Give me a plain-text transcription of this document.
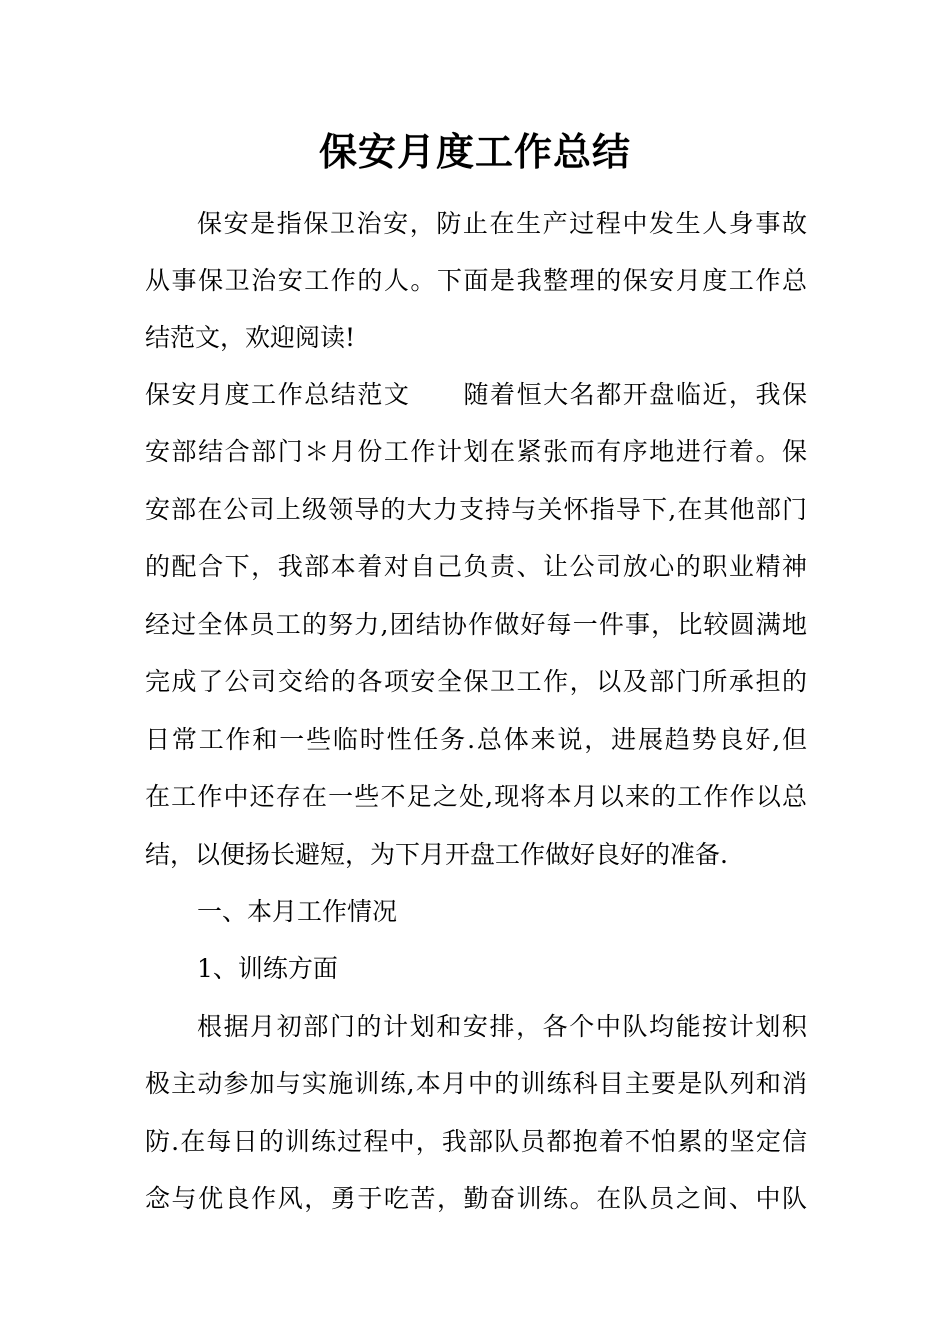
保安月度工作总结
保安是指保卫治安，防止在生产过程中发生人身事故
从事保卫治安工作的人。下面是我整理的保安月度工作总
结范文，欢迎阅读!
保安月度工作总结范文　　随着恒大名都开盘临近，我保
安部结合部门＊月份工作计划在紧张而有序地进行着。保
安部在公司上级领导的大力支持与关怀指导下,在其他部门
的配合下，我部本着对自己负责、让公司放心的职业精神
经过全体员工的努力,团结协作做好每一件事，比较圆满地
完成了公司交给的各项安全保卫工作，以及部门所承担的
日常工作和一些临时性任务.总体来说，进展趋势良好,但
在工作中还存在一些不足之处,现将本月以来的工作作以总
结，以便扬长避短，为下月开盘工作做好良好的准备.
一、本月工作情况
1、训练方面
根据月初部门的计划和安排，各个中队均能按计划积
极主动参加与实施训练,本月中的训练科目主要是队列和消
防.在每日的训练过程中，我部队员都抱着不怕累的坚定信
念与优良作风，勇于吃苦，勤奋训练。在队员之间、中队
